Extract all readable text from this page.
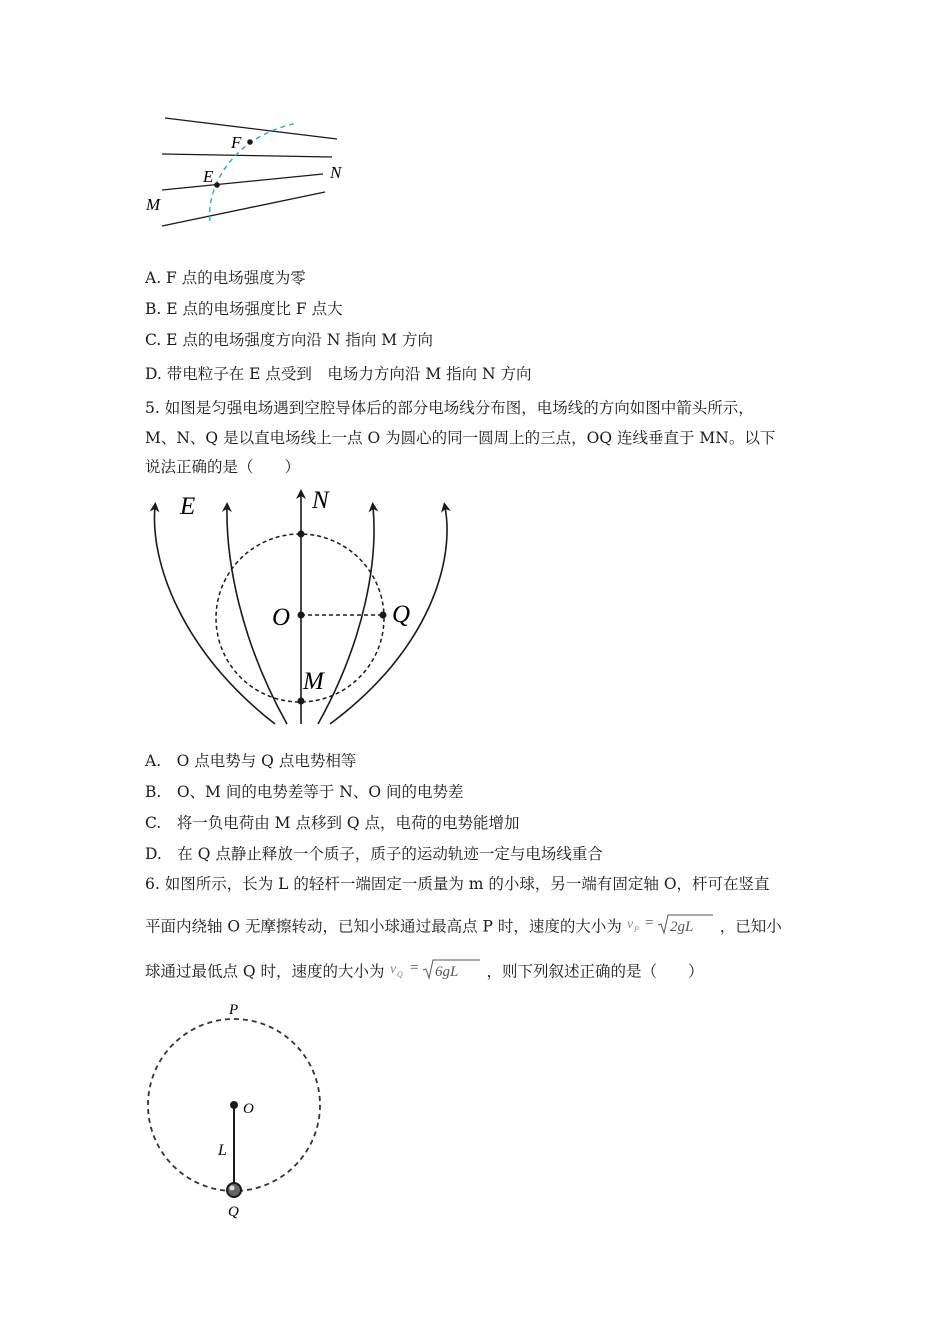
F
E
M
N
A. F 点的电场强度为零
B. E 点的电场强度比 F 点大
C. E 点的电场强度方向沿 N 指向 M 方向
D. 带电粒子在 E 点受到　电场力方向沿 M 指向 N 方向
5. 如图是匀强电场遇到空腔导体后的部分电场线分布图，电场线的方向如图中箭头所示，
M、N、Q 是以直电场线上一点 O 为圆心的同一圆周上的三点，OQ 连线垂直于 MN。以下
说法正确的是（　　）
E	N
O	Q
M
A.　O 点电势与 Q 点电势相等
B.　O、M 间的电势差等于 N、O 间的电势差
C.　将一负电荷由 M 点移到 Q 点，电荷的电势能增加
D.　在 Q 点静止释放一个质子，质子的运动轨迹一定与电场线重合
6. 如图所示，长为 L 的轻杆一端固定一质量为 m 的小球，另一端有固定轴 O，杆可在竖直
平面内绕轴 O 无摩擦转动，已知小球通过最高点 P 时，速度的大小为 v P = 2gL ，已知小
球通过最低点 Q 时，速度的大小为 v Q = 6gL ，则下列叙述正确的是（　　）
P
O
L
Q
